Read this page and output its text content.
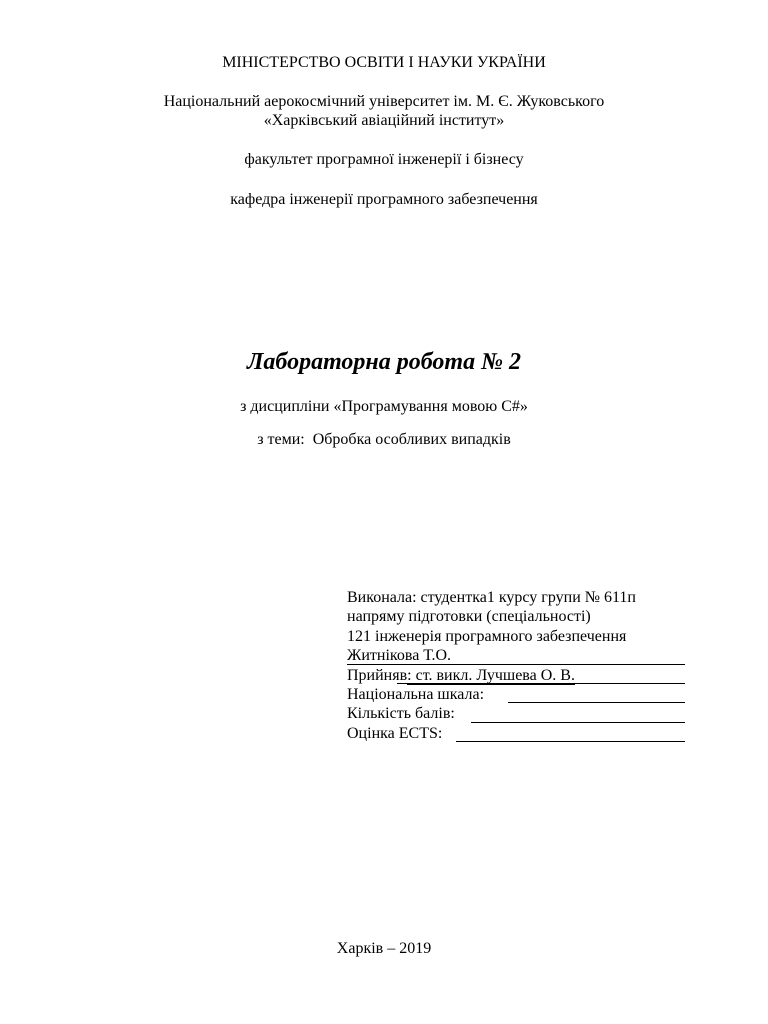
МІНІСТЕРСТВО ОСВІТИ І НАУКИ УКРАЇНИ
Національний аерокосмічний університет ім. М. Є. Жуковського
«Харківський авіаційний інститут»
факультет програмної інженерії і бізнесу
кафедра інженерії програмного забезпечення
Лабораторна робота № 2
з дисципліни «Програмування мовою C#»
з теми: Обробка особливих випадків
Виконала: студентка1 курсу групи № 611п
напряму підготовки (спеціальності)
121 інженерія програмного забезпечення
Житнікова Т.О.
Прийняв: ст. викл. Лучшева О. В.
Національна шкала:
Кількість балів:
Оцінка ECTS:
Харків – 2019
